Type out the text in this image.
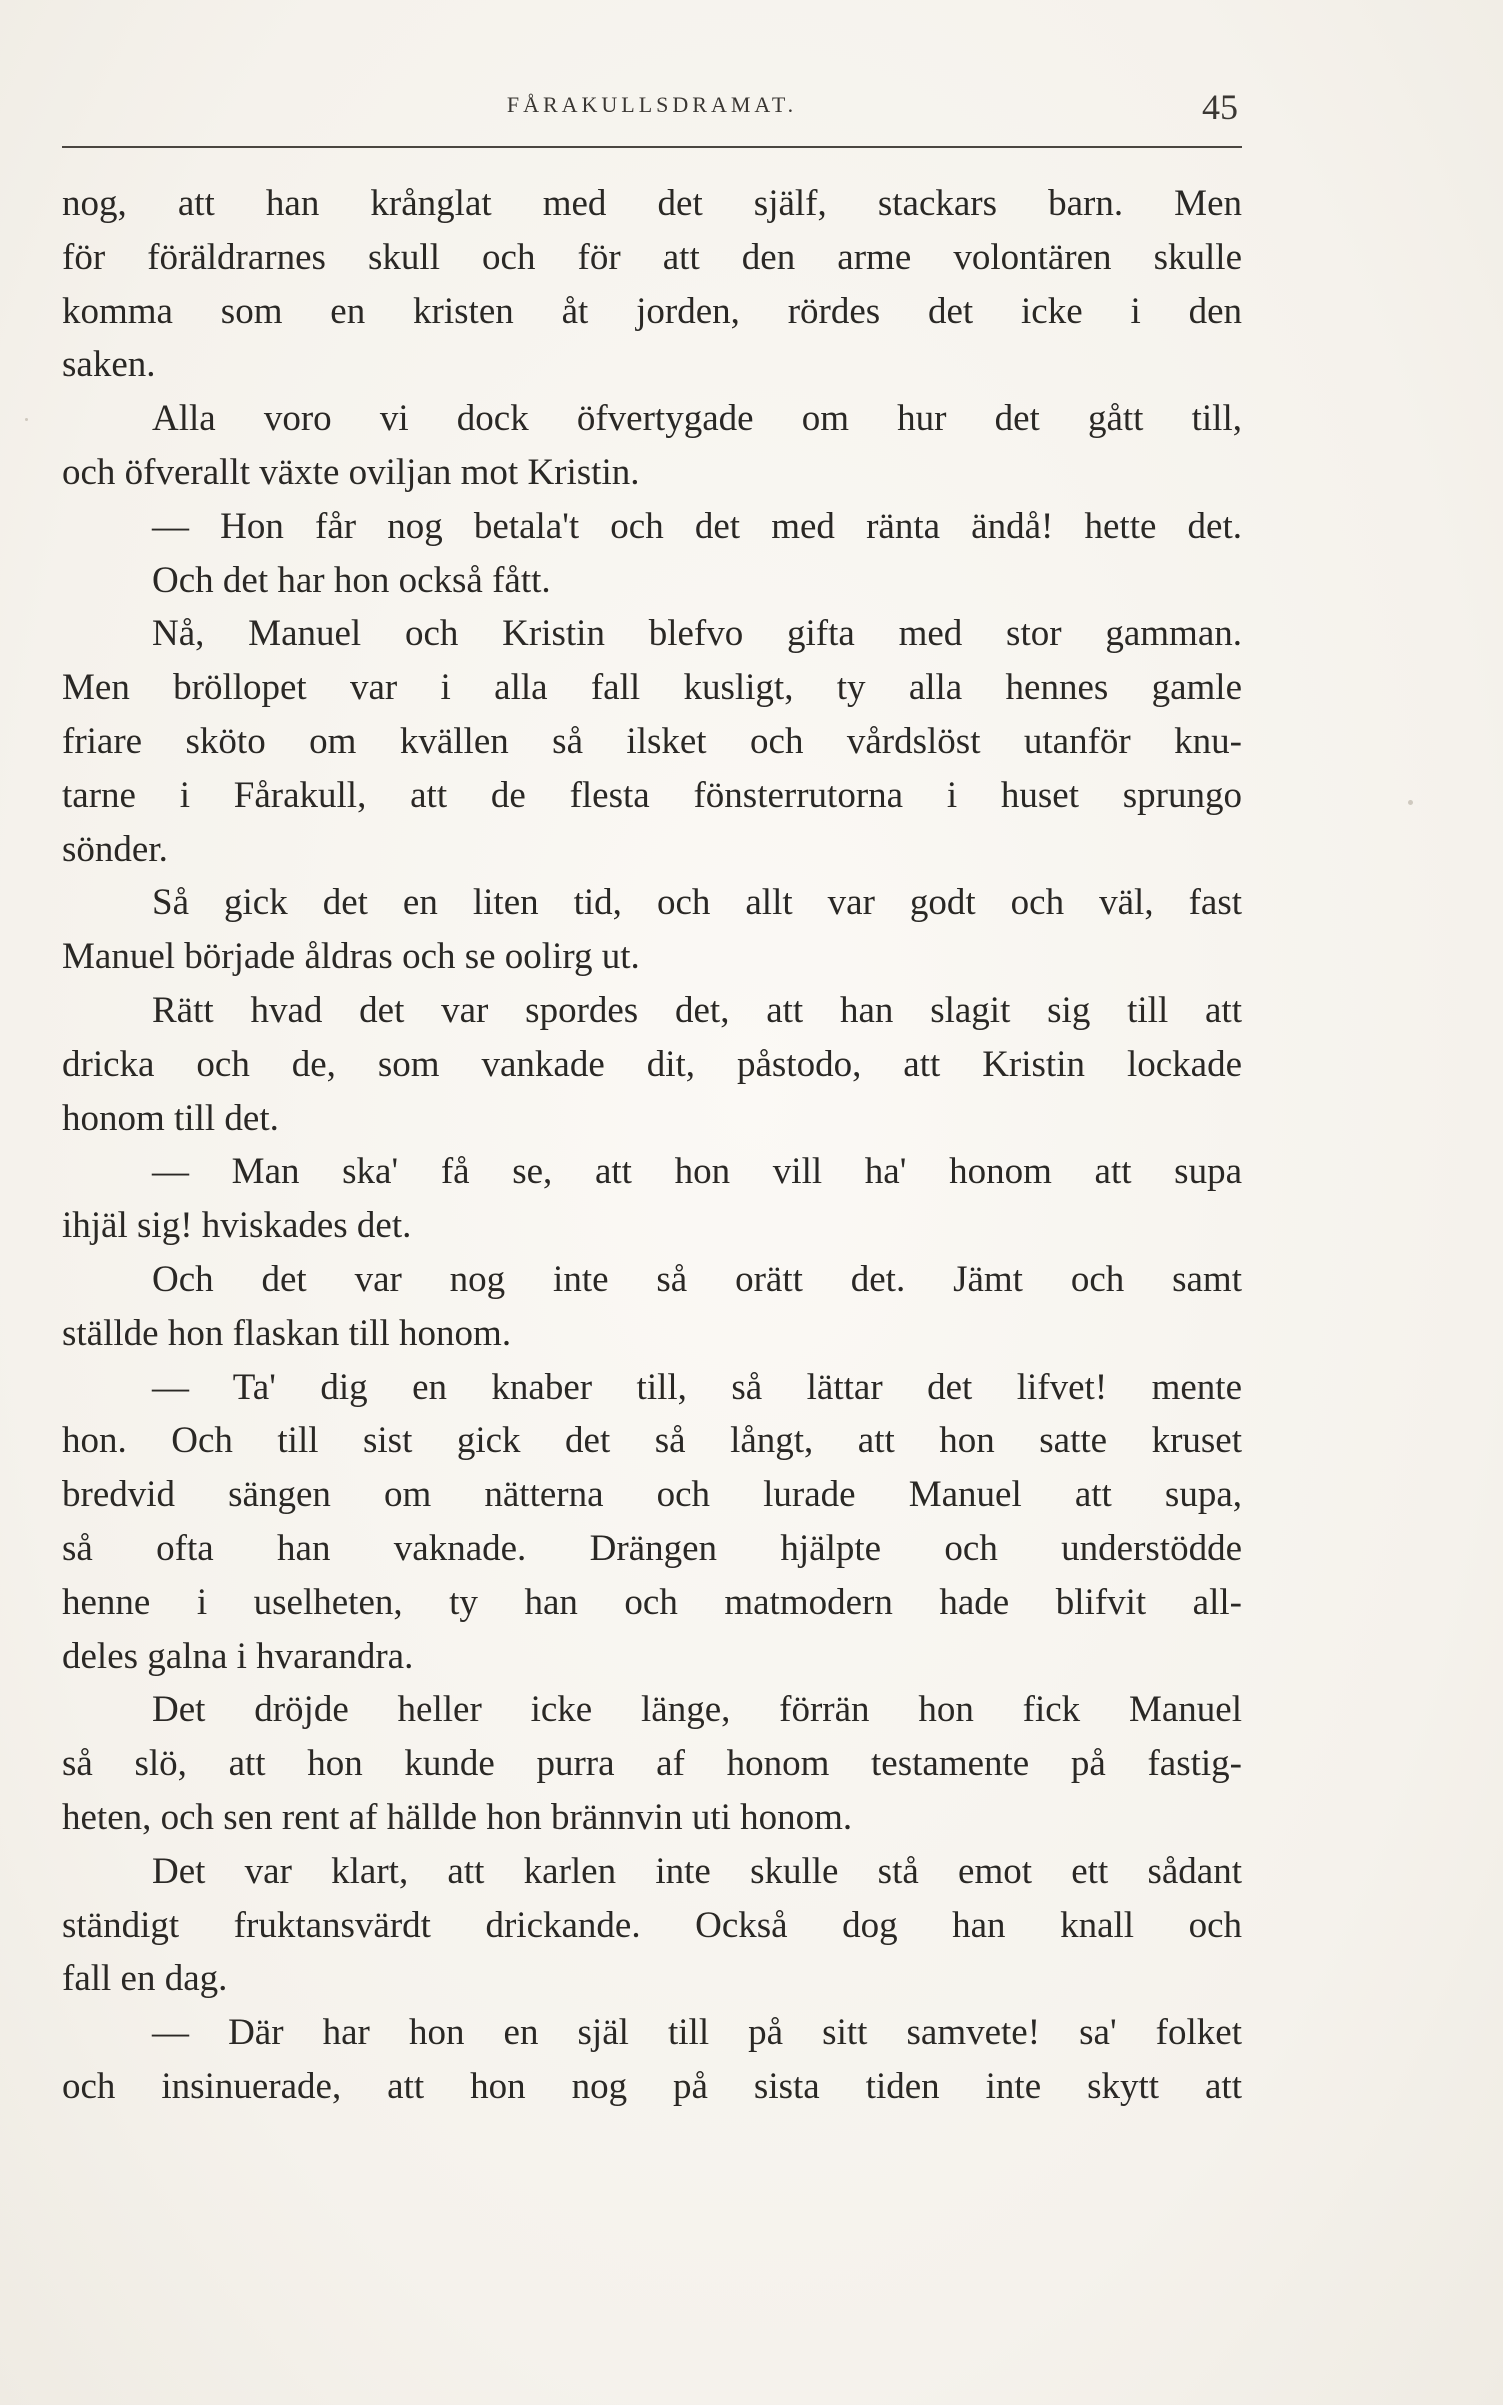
FÅRAKULLSDRAMAT.	45
nog, att han krånglat med det själf, stackars barn. Men
för föräldrarnes skull och för att den arme volontären skulle
komma som en kristen åt jorden, rördes det icke i den
saken.
Alla voro vi dock öfvertygade om hur det gått till,
och öfverallt växte oviljan mot Kristin.
— Hon får nog betala't och det med ränta ändå! hette det.
Och det har hon också fått.
Nå, Manuel och Kristin blefvo gifta med stor gamman.
Men bröllopet var i alla fall kusligt, ty alla hennes gamle
friare sköto om kvällen så ilsket och vårdslöst utanför knu-
tarne i Fårakull, att de flesta fönsterrutorna i huset sprungo
sönder.
Så gick det en liten tid, och allt var godt och väl, fast
Manuel började åldras och se oolirg ut.
Rätt hvad det var spordes det, att han slagit sig till att
dricka och de, som vankade dit, påstodo, att Kristin lockade
honom till det.
— Man ska' få se, att hon vill ha' honom att supa
ihjäl sig! hviskades det.
Och det var nog inte så orätt det. Jämt och samt
ställde hon flaskan till honom.
— Ta' dig en knaber till, så lättar det lifvet! mente
hon. Och till sist gick det så långt, att hon satte kruset
bredvid sängen om nätterna och lurade Manuel att supa,
så ofta han vaknade. Drängen hjälpte och understödde
henne i uselheten, ty han och matmodern hade blifvit all-
deles galna i hvarandra.
Det dröjde heller icke länge, förrän hon fick Manuel
så slö, att hon kunde purra af honom testamente på fastig-
heten, och sen rent af hällde hon brännvin uti honom.
Det var klart, att karlen inte skulle stå emot ett sådant
ständigt fruktansvärdt drickande. Också dog han knall och
fall en dag.
— Där har hon en själ till på sitt samvete! sa' folket
och insinuerade, att hon nog på sista tiden inte skytt att
